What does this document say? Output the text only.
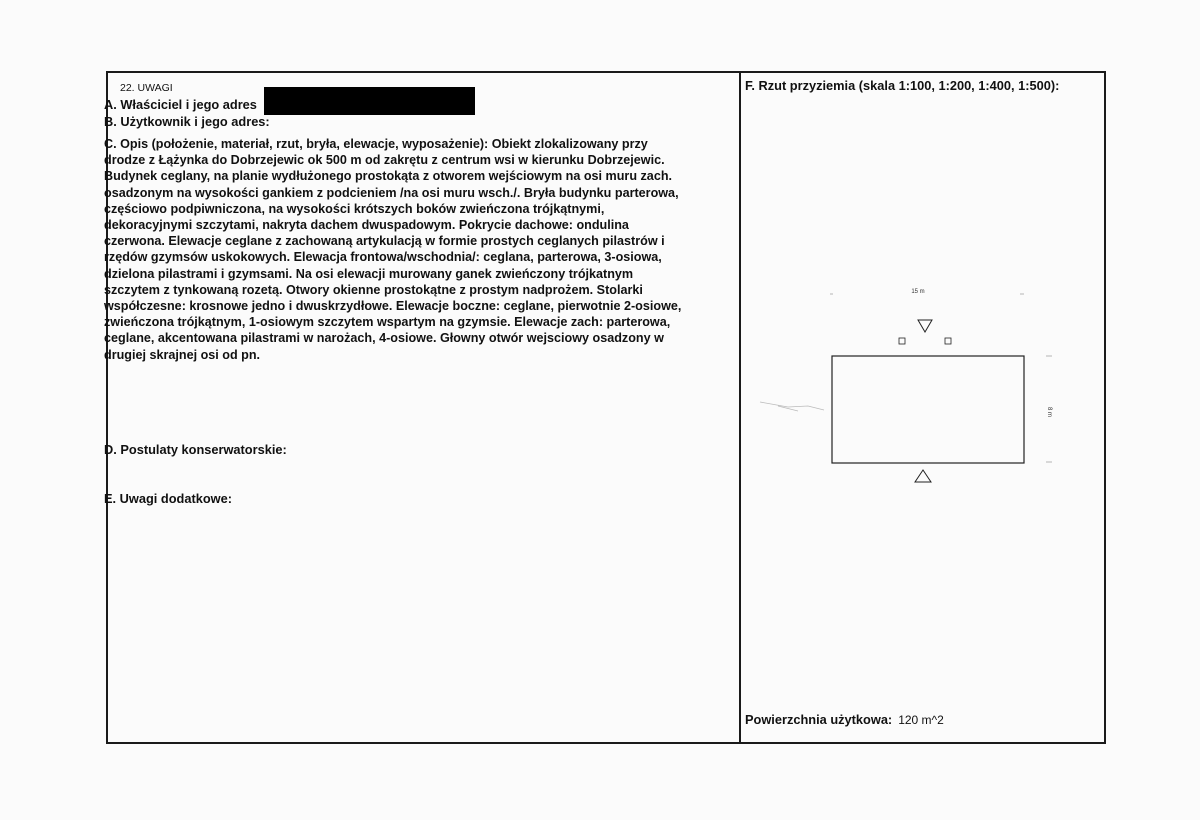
22. UWAGI
A. Właściciel i jego adres
B. Użytkownik i jego adres:
C. Opis (położenie, materiał, rzut, bryła, elewacje, wyposażenie): Obiekt zlokalizowany przy
drodze z Łążynka do Dobrzejewic ok 500 m od zakrętu z centrum wsi w kierunku Dobrzejewic.
Budynek ceglany, na planie wydłużonego prostokąta z otworem wejściowym na osi muru zach.
osadzonym na wysokości gankiem z podcieniem /na osi muru wsch./. Bryła budynku parterowa,
częściowo podpiwniczona, na wysokości krótszych boków zwieńczona trójkątnymi,
dekoracyjnymi szczytami, nakryta dachem dwuspadowym. Pokrycie dachowe: ondulina
czerwona. Elewacje ceglane z zachowaną artykulacją w formie prostych ceglanych pilastrów i
rzędów gzymsów uskokowych. Elewacja frontowa/wschodnia/: ceglana, parterowa, 3-osiowa,
dzielona pilastrami i gzymsami. Na osi elewacji murowany ganek zwieńczony trójkatnym
szczytem z tynkowaną rozetą. Otwory okienne prostokątne z prostym nadprożem. Stolarki
współczesne: krosnowe jedno i dwuskrzydłowe. Elewacje boczne: ceglane, pierwotnie 2-osiowe,
zwieńczona trójkątnym, 1-osiowym szczytem wspartym na gzymsie. Elewacje zach: parterowa,
ceglane, akcentowana pilastrami w narożach, 4-osiowe. Głowny otwór wejsciowy osadzony w
drugiej skrajnej osi od pn.
D. Postulaty konserwatorskie:
E. Uwagi dodatkowe:
F. Rzut przyziemia (skala 1:100, 1:200, 1:400, 1:500):
15 m
8 m
Powierzchnia użytkowa: 120 m^2
